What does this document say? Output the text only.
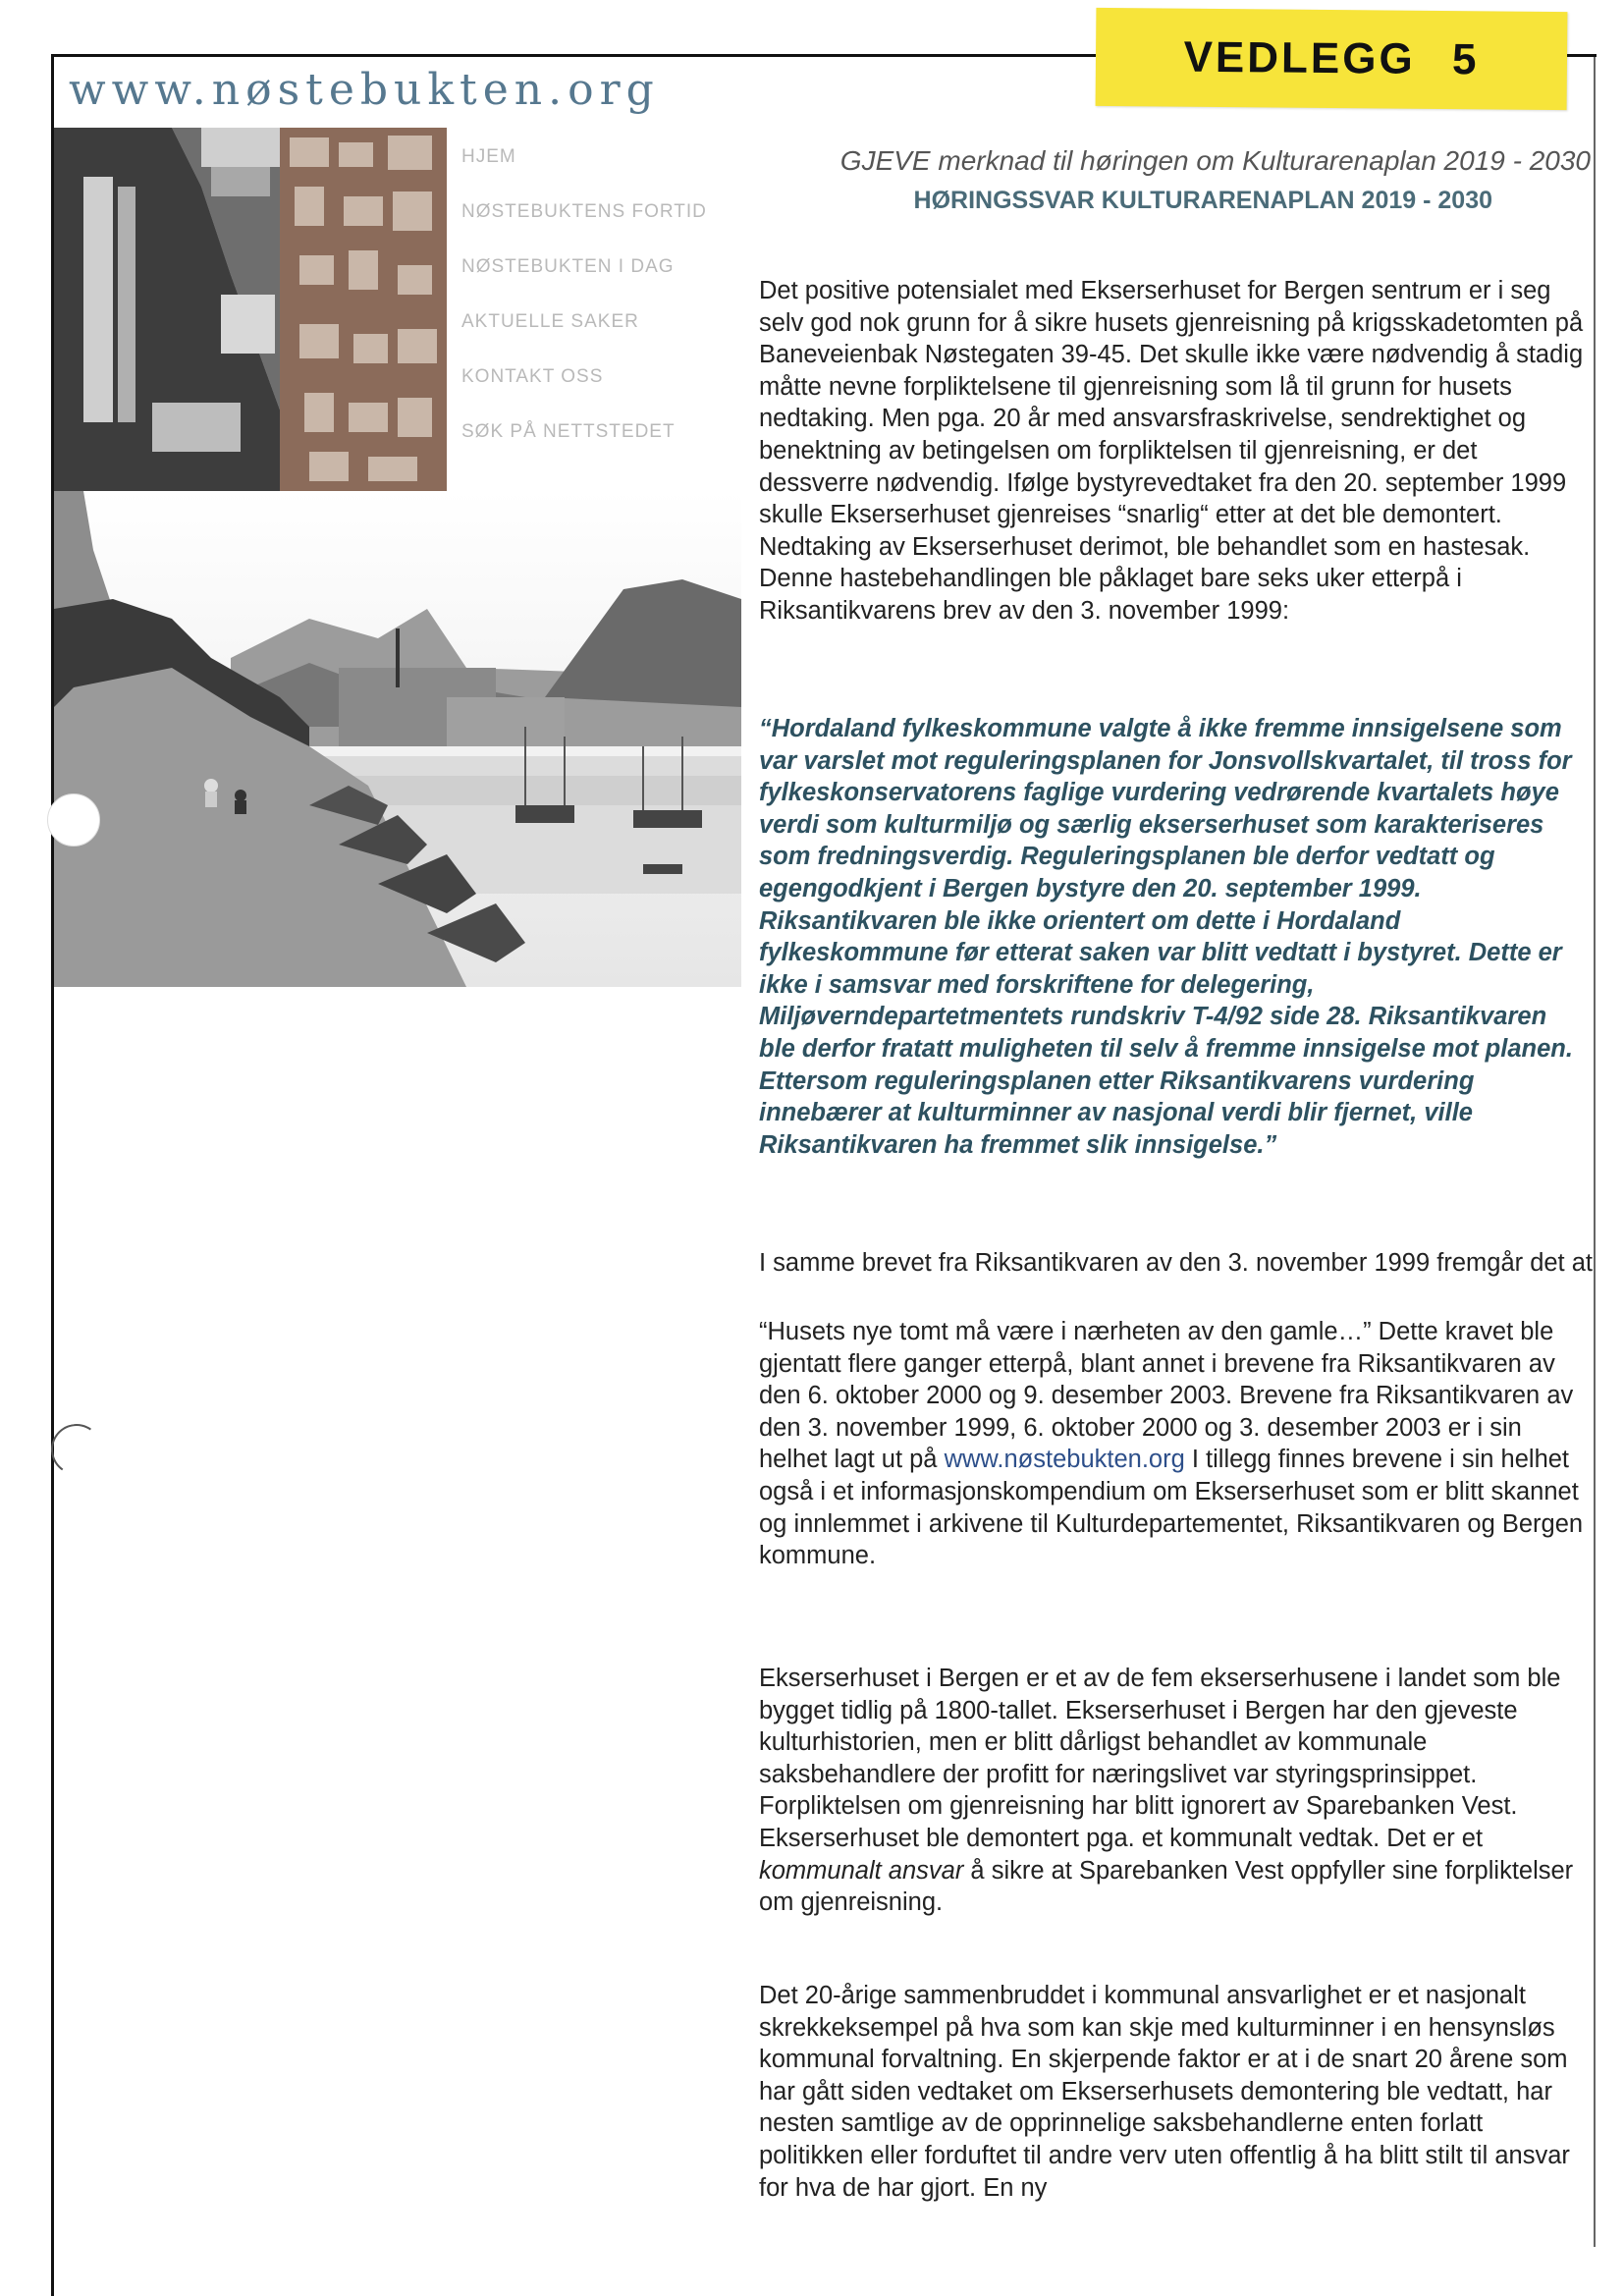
VEDLEGG 5
www.nøstebukten.org
HJEM
NØSTEBUKTENS FORTID
NØSTEBUKTEN I DAG
AKTUELLE SAKER
KONTAKT OSS
SØK PÅ NETTSTEDET
GJEVE merknad til høringen om Kulturarenaplan 2019 - 2030
HØRINGSSVAR KULTURARENAPLAN 2019 - 2030

Det positive potensialet med Ekserserhuset for Bergen sentrum er i seg selv god nok grunn for å sikre husets gjenreisning på krigsskadetomten på Baneveienbak Nøstegaten 39-45. Det skulle ikke være nødvendig å stadig måtte nevne forpliktelsene til gjenreisning som lå til grunn for husets nedtaking. Men pga. 20 år med ansvarsfraskrivelse, sendrektighet og benektning av betingelsen om forpliktelsen til gjenreisning, er det dessverre nødvendig. Ifølge bystyrevedtaket fra den 20. september 1999 skulle Ekserserhuset gjenreises “snarlig“ etter at det ble demontert. Nedtaking av Ekserserhuset derimot, ble behandlet som en hastesak. Denne hastebehandlingen ble påklaget bare seks uker etterpå i Riksantikvarens brev av den 3. november 1999:

“Hordaland fylkeskommune valgte å ikke fremme innsigelsene som var varslet mot reguleringsplanen for Jonsvollskvartalet, til tross for fylkeskonservatorens faglige vurdering vedrørende kvartalets høye verdi som kulturmiljø og særlig ekserserhuset som karakteriseres som fredningsverdig. Reguleringsplanen ble derfor vedtatt og egengodkjent i Bergen bystyre den 20. september 1999. Riksantikvaren ble ikke orientert om dette i Hordaland fylkeskommune før etterat saken var blitt vedtatt i bystyret. Dette er ikke i samsvar med forskriftene for delegering, Miljøverndepartetmentets rundskriv T-4/92 side 28. Riksantikvaren ble derfor fratatt muligheten til selv å fremme innsigelse mot planen. Ettersom reguleringsplanen etter Riksantikvarens vurdering innebærer at kulturminner av nasjonal verdi blir fjernet, ville Riksantikvaren ha fremmet slik innsigelse.”

I samme brevet fra Riksantikvaren av den 3. november 1999 fremgår det at

“Husets nye tomt må være i nærheten av den gamle…” Dette kravet ble gjentatt flere ganger etterpå, blant annet i brevene fra Riksantikvaren av den 6. oktober 2000 og 9. desember 2003. Brevene fra Riksantikvaren av den 3. november 1999, 6. oktober 2000 og 3. desember 2003 er i sin helhet lagt ut på www.nøstebukten.org I tillegg finnes brevene i sin helhet også i et informasjonskompendium om Ekserserhuset som er blitt skannet og innlemmet i arkivene til Kulturdepartementet, Riksantikvaren og Bergen kommune.

Ekserserhuset i Bergen er et av de fem ekserserhusene i landet som ble bygget tidlig på 1800-tallet. Ekserserhuset i Bergen har den gjeveste kulturhistorien, men er blitt dårligst behandlet av kommunale saksbehandlere der profitt for næringslivet var styringsprinsippet. Forpliktelsen om gjenreisning har blitt ignorert av Sparebanken Vest.

Ekserserhuset ble demontert pga. et kommunalt vedtak. Det er et kommunalt ansvar å sikre at Sparebanken Vest oppfyller sine forpliktelser om gjenreisning.

Det 20-årige sammenbruddet i kommunal ansvarlighet er et nasjonalt skrekkeksempel på hva som kan skje med kulturminner i en hensynsløs kommunal forvaltning. En skjerpende faktor er at i de snart 20 årene som har gått siden vedtaket om Ekserserhusets demontering ble vedtatt, har nesten samtlige av de opprinnelige saksbehandlerne enten forlatt politikken eller forduftet til andre verv uten offentlig å ha blitt stilt til ansvar for hva de har gjort. En ny
